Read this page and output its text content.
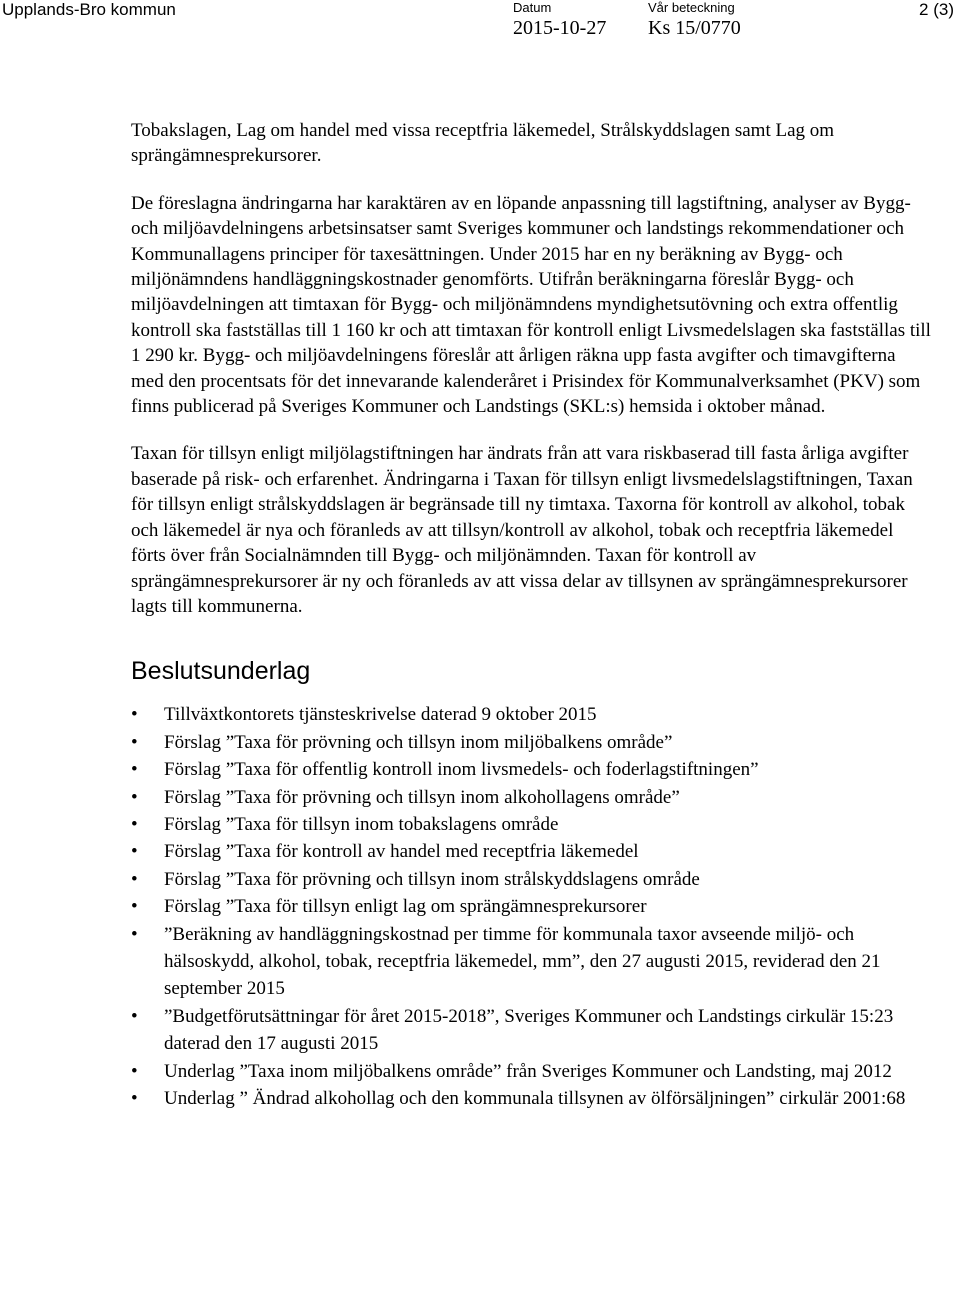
Upplands-Bro kommun	Datum
2015-10-27
Vår beteckning
Ks 15/0770
2 (3)

Tobakslagen, Lag om handel med vissa receptfria läkemedel, Strålskyddslagen samt Lag om sprängämnesprekursorer.

De föreslagna ändringarna har karaktären av en löpande anpassning till lagstiftning, analyser av Bygg- och miljöavdelningens arbetsinsatser samt Sveriges kommuner och landstings rekommendationer och Kommunallagens principer för taxesättningen. Under 2015 har en ny beräkning av Bygg- och miljönämndens handläggningskostnader genomförts. Utifrån beräkningarna föreslår Bygg- och miljöavdelningen att timtaxan för Bygg- och miljönämndens myndighetsutövning och extra offentlig kontroll ska fastställas till 1 160 kr och att timtaxan för kontroll enligt Livsmedelslagen ska fastställas till 1 290 kr. Bygg- och miljöavdelningens föreslår att årligen räkna upp fasta avgifter och timavgifterna med den procentsats för det innevarande kalenderåret i Prisindex för Kommunalverksamhet (PKV) som finns publicerad på Sveriges Kommuner och Landstings (SKL:s) hemsida i oktober månad.

Taxan för tillsyn enligt miljölagstiftningen har ändrats från att vara riskbaserad till fasta årliga avgifter baserade på risk- och erfarenhet. Ändringarna i Taxan för tillsyn enligt livsmedelslagstiftningen, Taxan för tillsyn enligt strålskyddslagen är begränsade till ny timtaxa. Taxorna för kontroll av alkohol, tobak och läkemedel är nya och föranleds av att tillsyn/kontroll av alkohol, tobak och receptfria läkemedel förts över från Socialnämnden till Bygg- och miljönämnden. Taxan för kontroll av sprängämnesprekursorer är ny och föranleds av att vissa delar av tillsynen av sprängämnesprekursorer lagts till kommunerna.

Beslutsunderlag
• Tillväxtkontorets tjänsteskrivelse daterad 9 oktober 2015
• Förslag ”Taxa för prövning och tillsyn inom miljöbalkens område”
• Förslag ”Taxa för offentlig kontroll inom livsmedels- och foderlagstiftningen”
• Förslag ”Taxa för prövning och tillsyn inom alkohollagens område”
• Förslag ”Taxa för tillsyn inom tobakslagens område
• Förslag ”Taxa för kontroll av handel med receptfria läkemedel
• Förslag ”Taxa för prövning och tillsyn inom strålskyddslagens område
• Förslag ”Taxa för tillsyn enligt lag om sprängämnesprekursorer
• ”Beräkning av handläggningskostnad per timme för kommunala taxor avseende miljö- och hälsoskydd, alkohol, tobak, receptfria läkemedel, mm”, den 27 augusti 2015, reviderad den 21 september 2015
• ”Budgetförutsättningar för året 2015-2018”, Sveriges Kommuner och Landstings cirkulär 15:23 daterad den 17 augusti 2015
• Underlag ”Taxa inom miljöbalkens område” från Sveriges Kommuner och Landsting, maj 2012
• Underlag ” Ändrad alkohollag och den kommunala tillsynen av ölförsäljningen” cirkulär 2001:68
